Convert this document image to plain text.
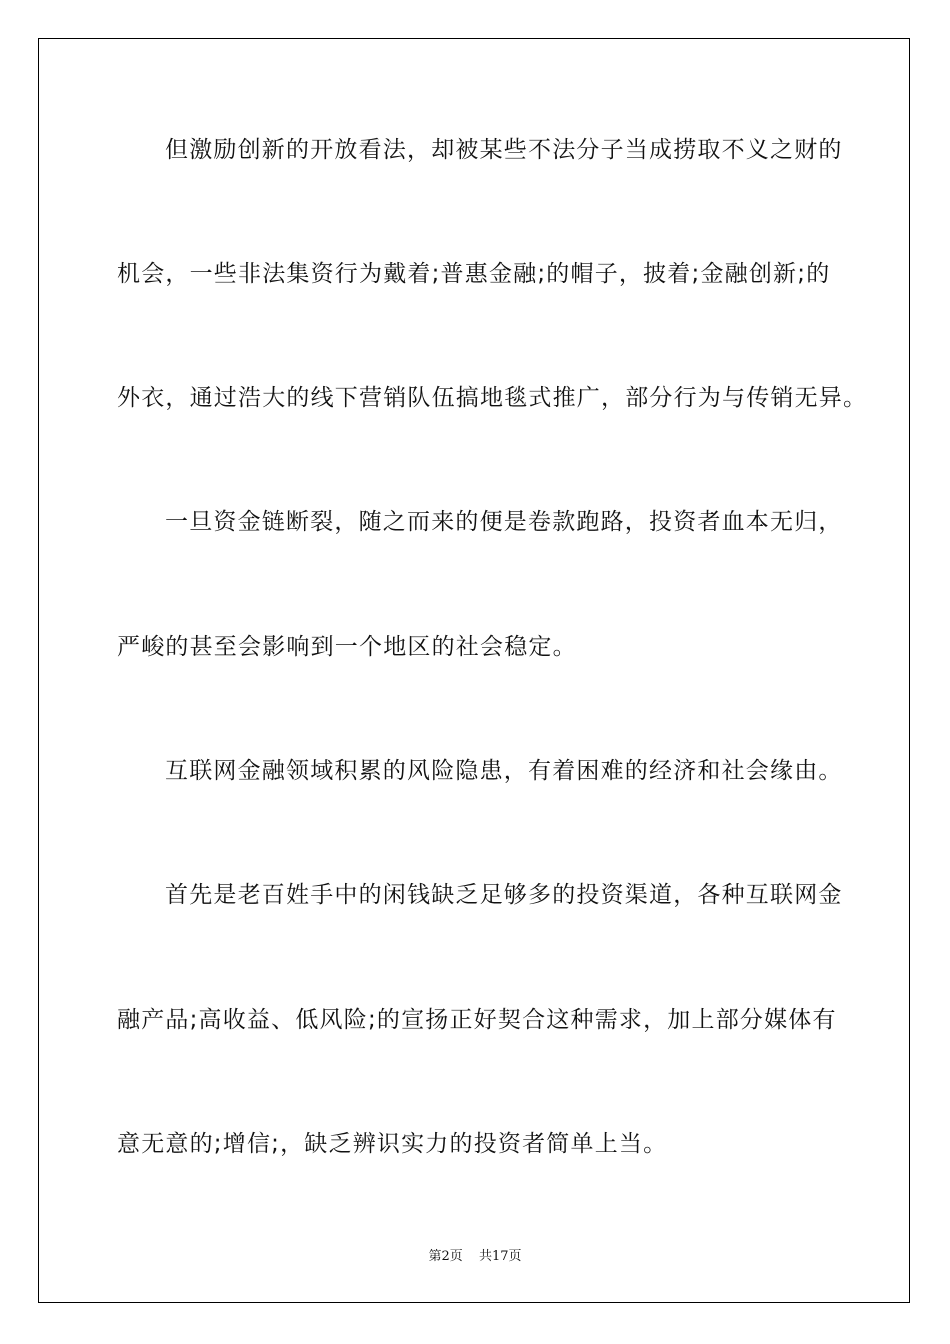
但激励创新的开放看法，却被某些不法分子当成捞取不义之财的
机会，一些非法集资行为戴着;普惠金融;的帽子，披着;金融创新;的
外衣，通过浩大的线下营销队伍搞地毯式推广，部分行为与传销无异。
一旦资金链断裂，随之而来的便是卷款跑路，投资者血本无归，
严峻的甚至会影响到一个地区的社会稳定。
互联网金融领域积累的风险隐患，有着困难的经济和社会缘由。
首先是老百姓手中的闲钱缺乏足够多的投资渠道，各种互联网金
融产品;高收益、低风险;的宣扬正好契合这种需求，加上部分媒体有
意无意的;增信;，缺乏辨识实力的投资者简单上当。
第2页 共17页
